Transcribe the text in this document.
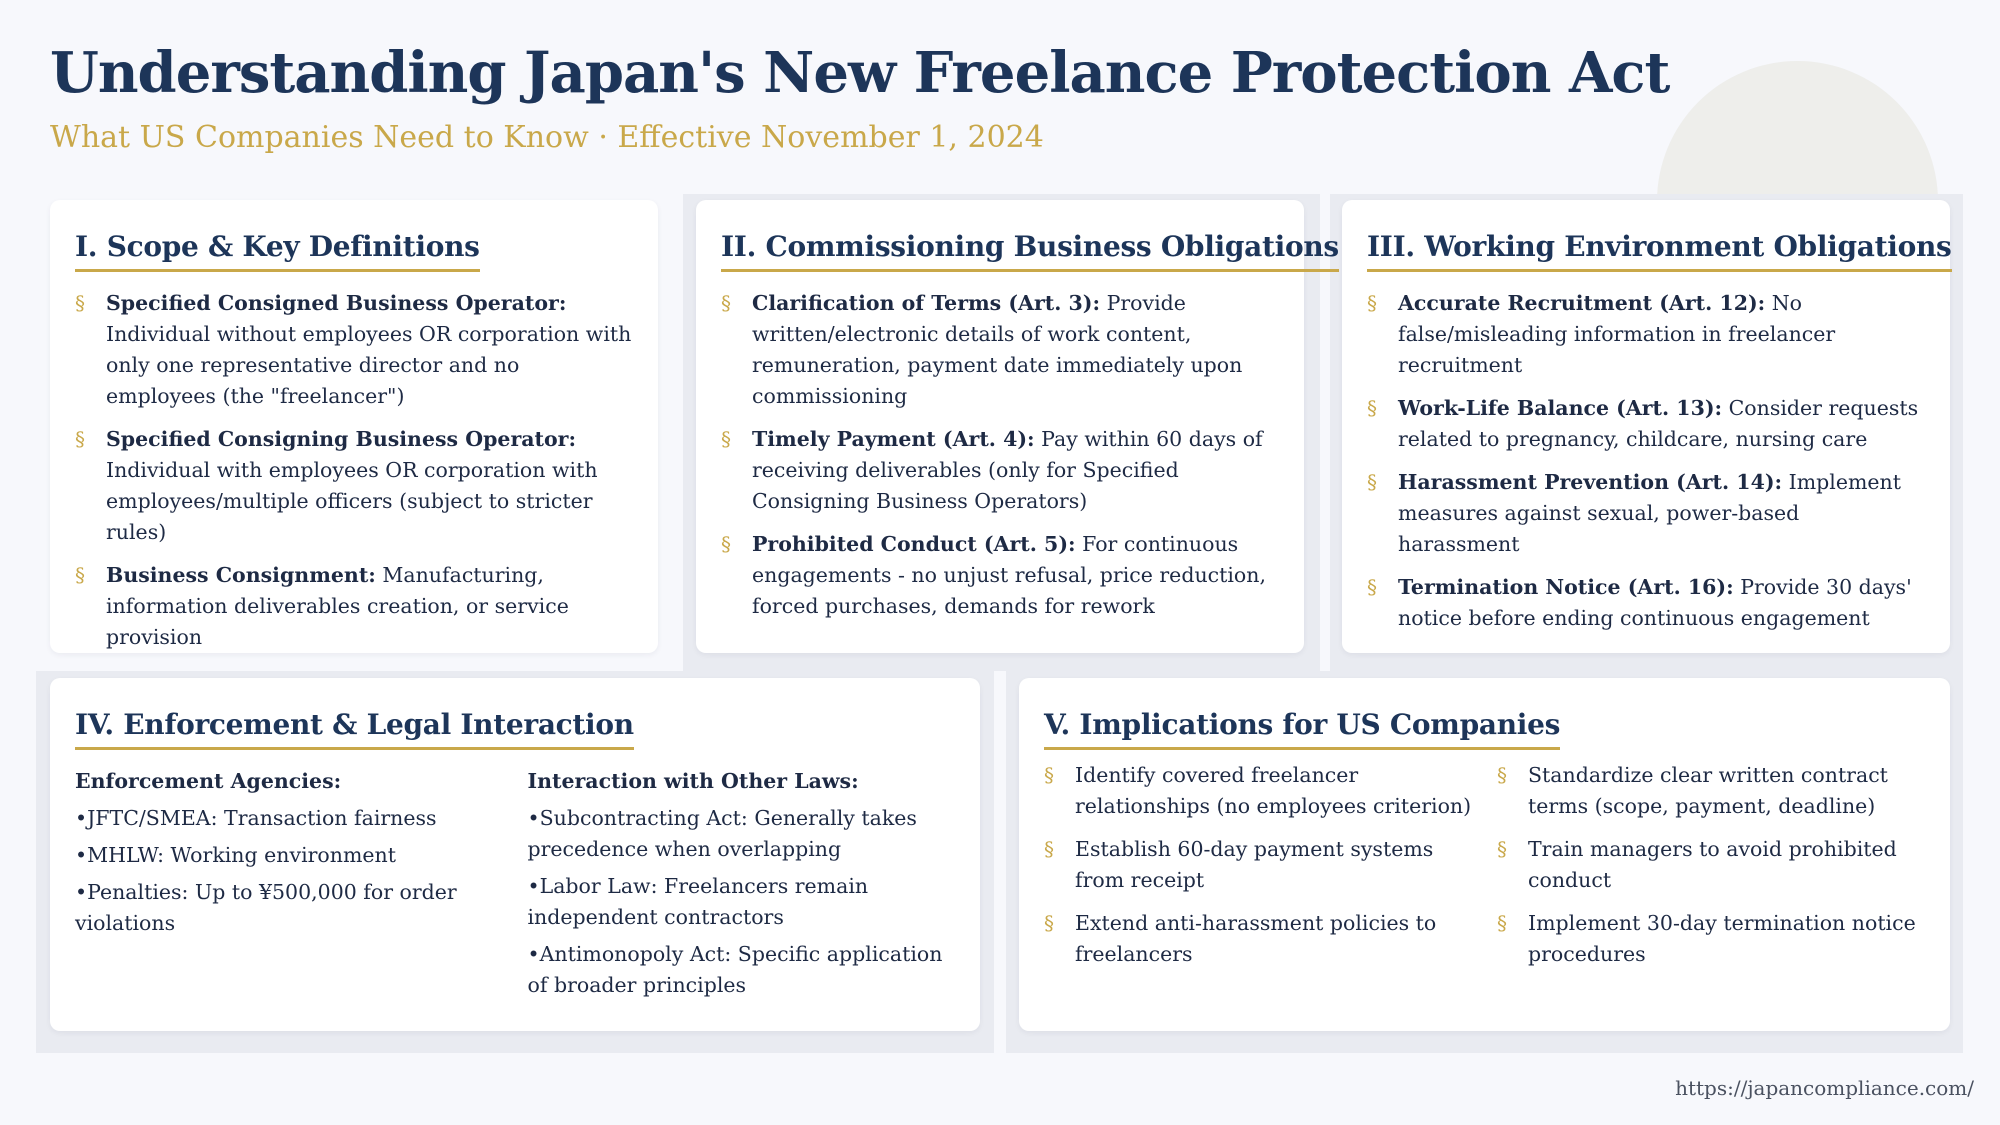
Understanding Japan's New Freelance Protection Act

What US Companies Need to Know · Effective November 1, 2024

I. Scope & Key Definitions
§ Specified Consigned Business Operator: Individual without employees OR corporation with only one representative director and no employees (the "freelancer")
§ Specified Consigning Business Operator: Individual with employees OR corporation with employees/multiple officers (subject to stricter rules)
§ Business Consignment: Manufacturing, information deliverables creation, or service provision
II. Commissioning Business Obligations
§ Clarification of Terms (Art. 3): Provide written/electronic details of work content, remuneration, payment date immediately upon commissioning
§ Timely Payment (Art. 4): Pay within 60 days of receiving deliverables (only for Specified Consigning Business Operators)
§ Prohibited Conduct (Art. 5): For continuous engagements - no unjust refusal, price reduction, forced purchases, demands for rework
III. Working Environment Obligations
§ Accurate Recruitment (Art. 12): No false/misleading information in freelancer recruitment
§ Work-Life Balance (Art. 13): Consider requests related to pregnancy, childcare, nursing care
§ Harassment Prevention (Art. 14): Implement measures against sexual, power-based harassment
§ Termination Notice (Art. 16): Provide 30 days' notice before ending continuous engagement
IV. Enforcement & Legal Interaction

Enforcement Agencies:

• JFTC/SMEA: Transaction fairness
• MHLW: Working environment
• Penalties: Up to ¥500,000 for order violations

Interaction with Other Laws:

• Subcontracting Act: Generally takes precedence when overlapping
• Labor Law: Freelancers remain independent contractors
• Antimonopoly Act: Specific application of broader principles
V. Implications for US Companies
§ Identify covered freelancer relationships (no employees criterion)
§ Establish 60-day payment systems from receipt
§ Extend anti-harassment policies to freelancers
§ Standardize clear written contract terms (scope, payment, deadline)
§ Train managers to avoid prohibited conduct
§ Implement 30-day termination notice procedures
https://japancompliance.com/
